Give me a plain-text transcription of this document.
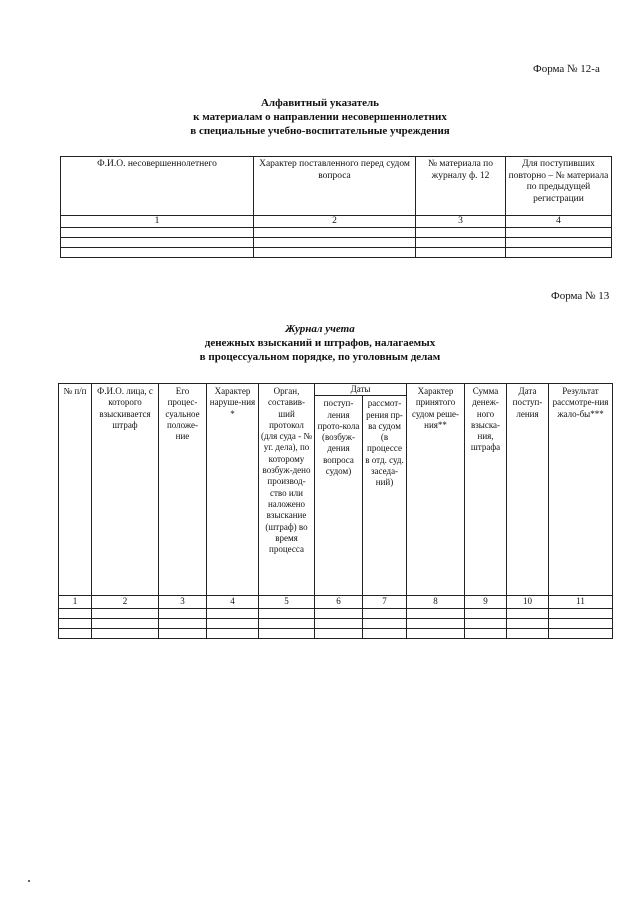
Форма № 12-а
Алфавитный указатель
к материалам о направлении несовершеннолетних
в специальные учебно-воспитательные учреждения
Ф.И.О. несовершеннолетнего	Характер поставленного перед судом вопроса	№ материала по журналу ф. 12	Для поступивших повторно – № материала по предыдущей регистрации
1	2	3	4

Форма № 13
Журнал учета
денежных взысканий и штрафов, налагаемых
в процессуальном порядке, по уголовным делам
№ п/п	Ф.И.О. лица, с которого взыскивается штраф	Его процес-суальное положе-ние	Характер наруше-ния *	Орган, составив-ший протокол (для суда - № уг. дела), по которому возбуж-дено производ-ство или наложено взыскание (штраф) во время процесса	Даты		Характер принятого судом реше-ния**	Сумма денеж-ного взыска-ния, штрафа	Дата поступ-ления	Результат рассмотре-ния жало-бы***
					поступ-ления прото-кола (возбуж-дения вопроса судом)	рассмот-рения пр-ва судом (в процессе в отд. суд. заседа-ний)				
1	2	3	4	5	6	7	8	9	10	11
